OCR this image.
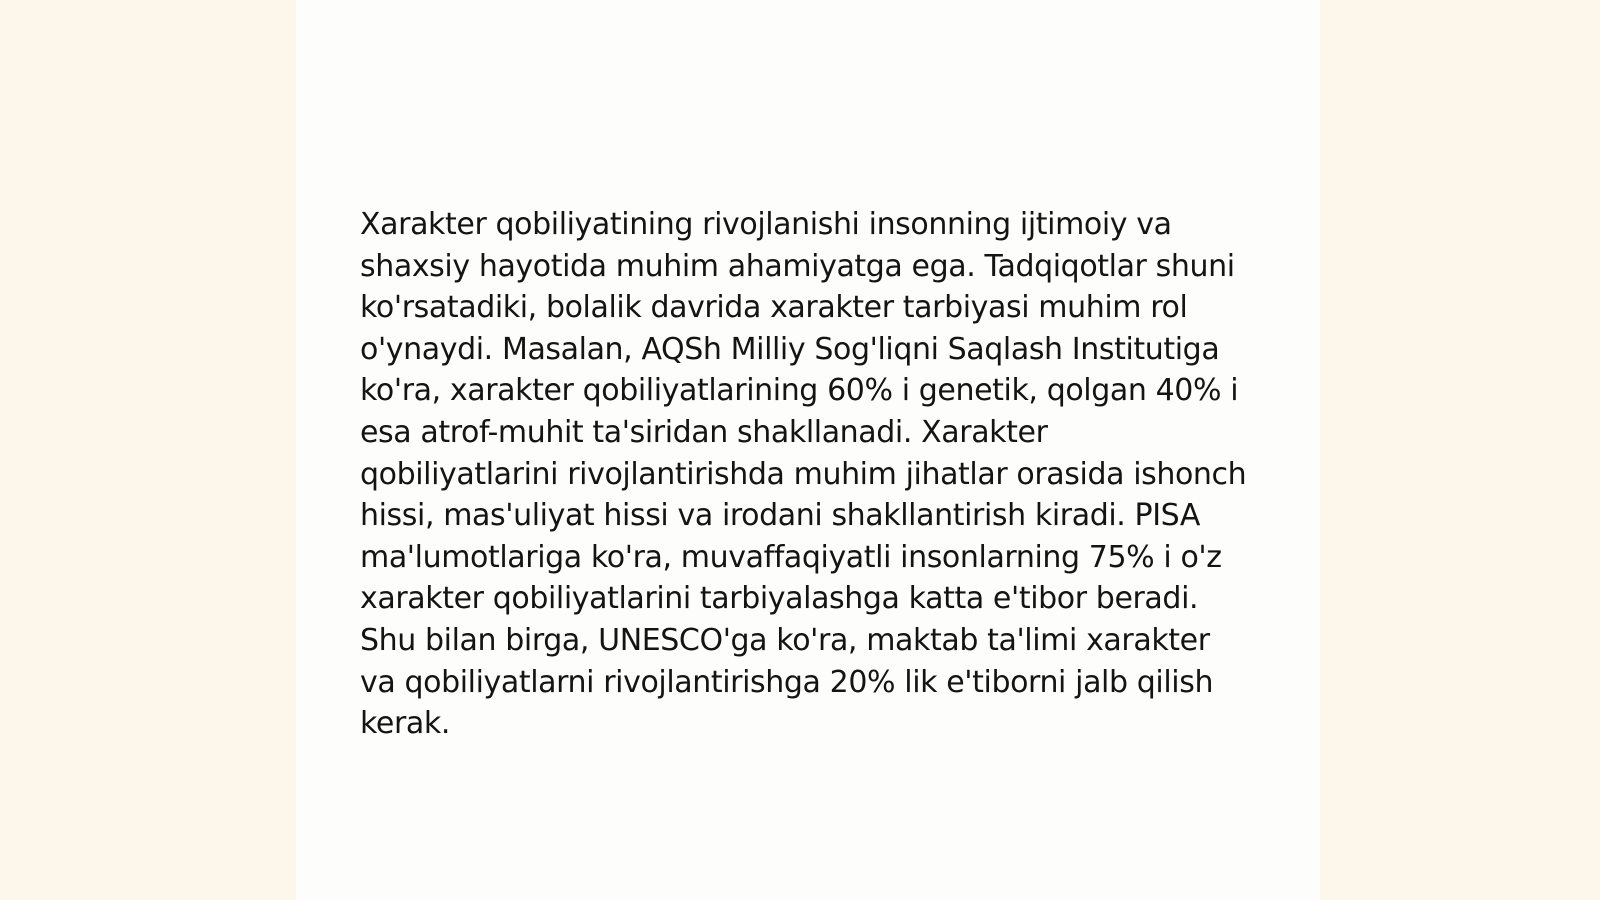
Xarakter qobiliyatining rivojlanishi insonning ijtimoiy va shaxsiy hayotida muhim ahamiyatga ega. Tadqiqotlar shuni ko'rsatadiki, bolalik davrida xarakter tarbiyasi muhim rol o'ynaydi. Masalan, AQSh Milliy Sog'liqni Saqlash Institutiga ko'ra, xarakter qobiliyatlarining 60% i genetik, qolgan 40% i esa atrof-muhit ta'siridan shakllanadi. Xarakter qobiliyatlarini rivojlantirishda muhim jihatlar orasida ishonch hissi, mas'uliyat hissi va irodani shakllantirish kiradi. PISA ma'lumotlariga ko'ra, muvaffaqiyatli insonlarning 75% i o'z xarakter qobiliyatlarini tarbiyalashga katta e'tibor beradi. Shu bilan birga, UNESCO'ga ko'ra, maktab ta'limi xarakter va qobiliyatlarni rivojlantirishga 20% lik e'tiborni jalb qilish kerak.
